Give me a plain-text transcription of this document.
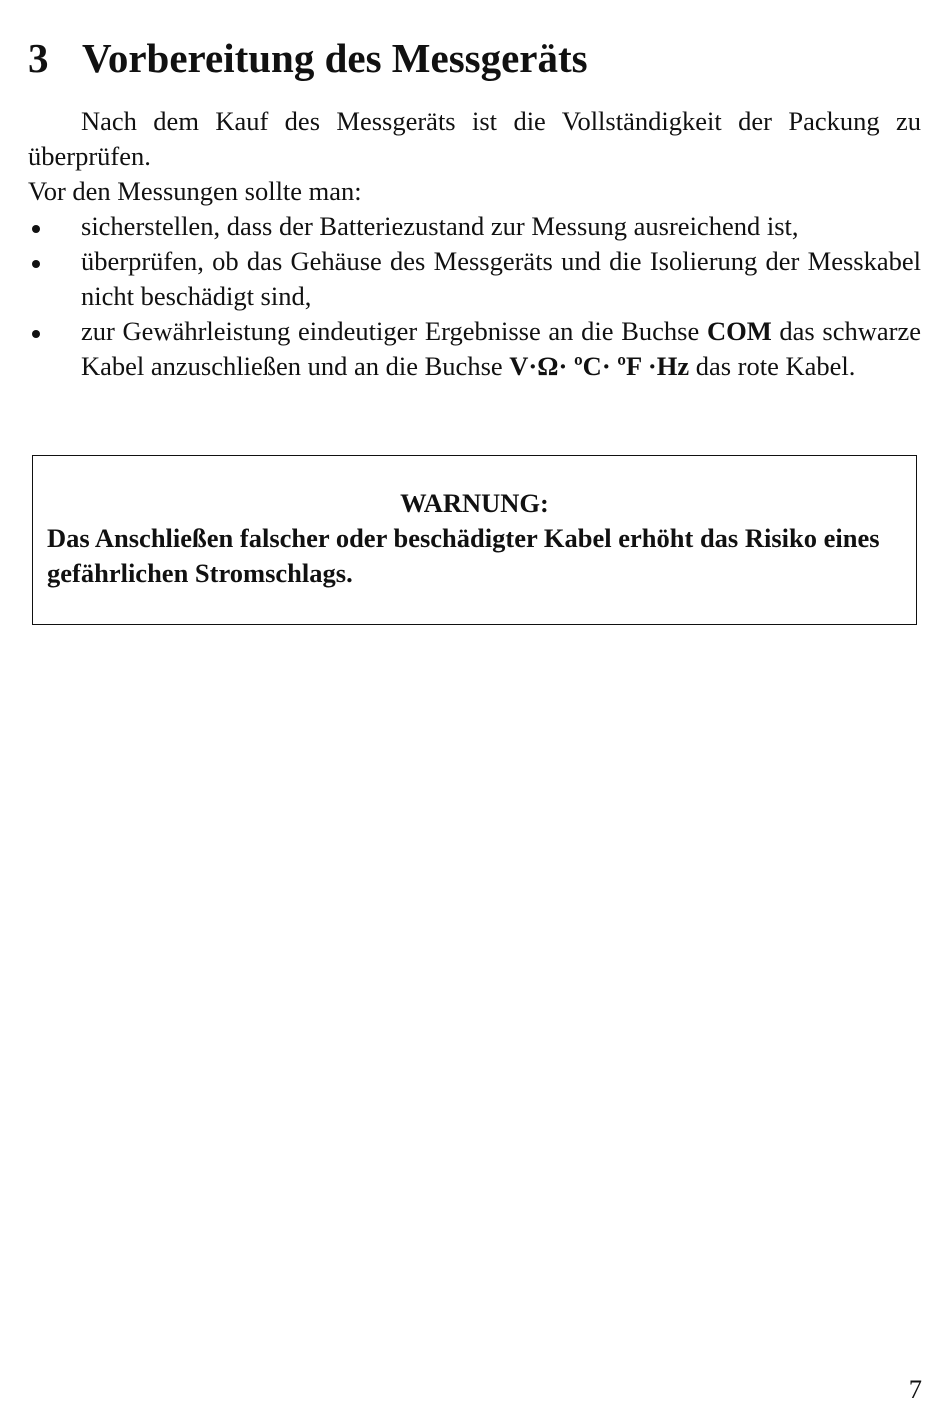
3 Vorbereitung des Messgeräts

Nach dem Kauf des Messgeräts ist die Vollständigkeit der Packung zu überprüfen.

Vor den Messungen sollte man:

sicherstellen, dass der Batteriezustand zur Messung ausreichend ist,
überprüfen, ob das Gehäuse des Messgeräts und die Isolierung der Messkabel nicht beschädigt sind,
zur Gewährleistung eindeutiger Ergebnisse an die Buchse COM das schwarze Kabel anzuschließen und an die Buchse V·Ω· ºC· ºF ·Hz das rote Kabel.

WARNUNG:

Das Anschließen falscher oder beschädigter Kabel erhöht das Risiko eines gefährlichen Stromschlags.

7
